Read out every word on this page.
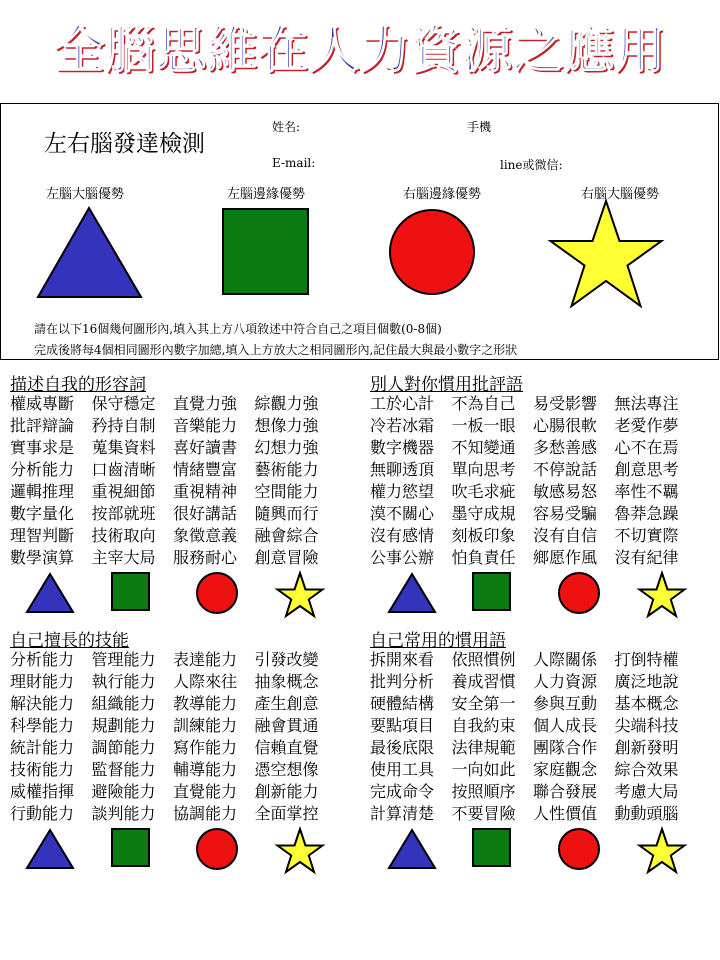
全腦思維在人力資源之應用
左右腦發達檢測
姓名:	手機
E-mail:	line或微信:
左腦大腦優勢	左腦邊緣優勢	右腦邊緣優勢	右腦大腦優勢
請在以下16個幾何圖形內,填入其上方八項敘述中符合自己之項目個數(0-8個)
完成後將每4個相同圖形內數字加總,填入上方放大之相同圖形內,記住最大與最小數字之形狀
描述自我的形容詞
權威專斷	保守穩定	直覺力強	綜觀力強
批評辯論	矜持自制	音樂能力	想像力強
實事求是	蒐集資料	喜好讀書	幻想力強
分析能力	口齒清晰	情緒豐富	藝術能力
邏輯推理	重視細節	重視精神	空間能力
數字量化	按部就班	很好講話	隨興而行
理智判斷	技術取向	象徵意義	融會綜合
數學演算	主宰大局	服務耐心	創意冒險
別人對你慣用批評語
工於心計	不為自己	易受影響	無法專注
冷若冰霜	一板一眼	心腸很軟	老愛作夢
數字機器	不知變通	多愁善感	心不在焉
無聊透頂	單向思考	不停說話	創意思考
權力慾望	吹毛求疵	敏感易怒	率性不羈
漠不關心	墨守成規	容易受騙	魯莽急躁
沒有感情	刻板印象	沒有自信	不切實際
公事公辦	怕負責任	鄉愿作風	沒有紀律
自己擅長的技能
分析能力	管理能力	表達能力	引發改變
理財能力	執行能力	人際來往	抽象概念
解決能力	組織能力	教導能力	產生創意
科學能力	規劃能力	訓練能力	融會貫通
統計能力	調節能力	寫作能力	信賴直覺
技術能力	監督能力	輔導能力	憑空想像
威權指揮	避險能力	直覺能力	創新能力
行動能力	談判能力	協調能力	全面掌控
自己常用的慣用語
拆開來看	依照慣例	人際關係	打倒特權
批判分析	養成習慣	人力資源	廣泛地說
硬體結構	安全第一	參與互動	基本概念
要點項目	自我約束	個人成長	尖端科技
最後底限	法律規範	團隊合作	創新發明
使用工具	一向如此	家庭觀念	綜合效果
完成命令	按照順序	聯合發展	考慮大局
計算清楚	不要冒險	人性價值	動動頭腦
